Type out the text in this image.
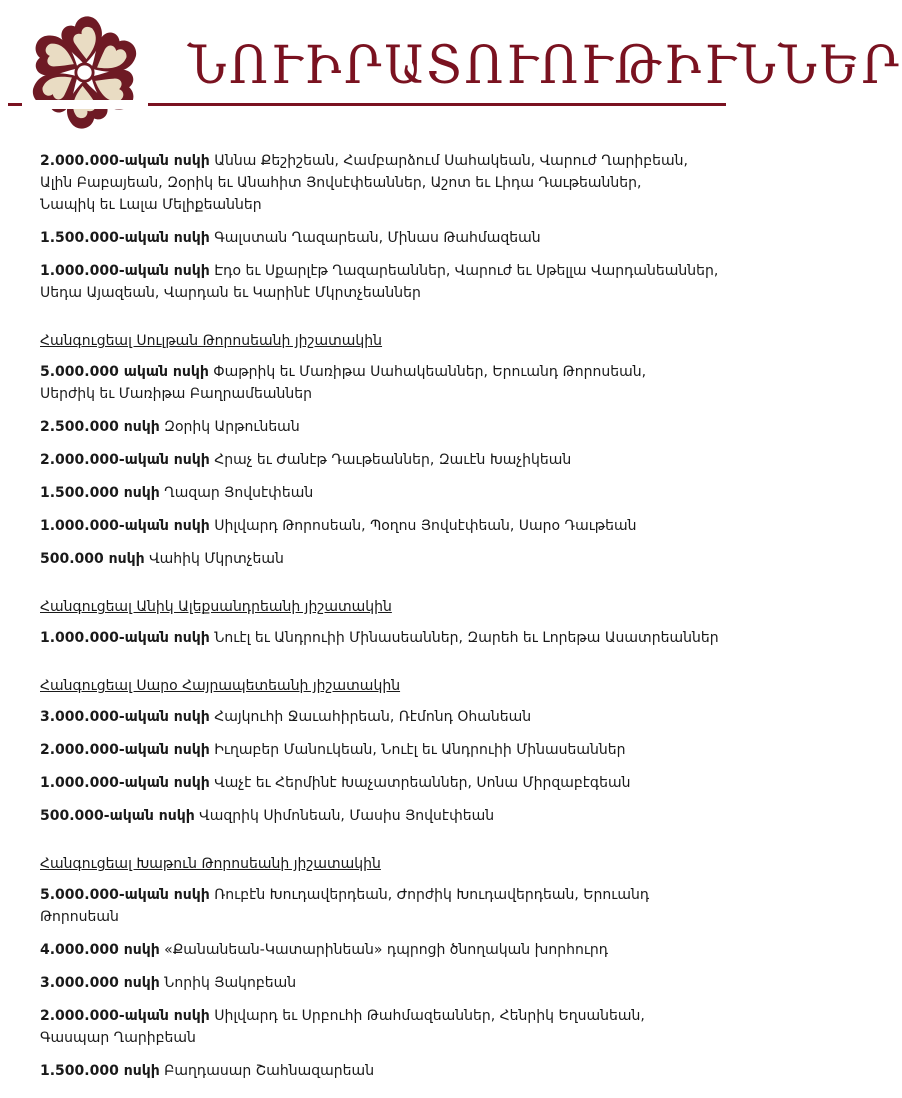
ՆՈՒԻՐԱՏՈՒՈՒԹԻՒՆՆԵՐ
2.000.000-ական ոսկի Աննա Քեշիշեան, Համբարձում Սահակեան, Վարուժ Ղարիբեան,
Ալին Բաբայեան, Զօրիկ եւ Անահիտ Յովսէփեաններ, Աշոտ եւ Լիդա Դաւթեաններ,
Նապիկ եւ Լալա Մելիքեաններ
1.500.000-ական ոսկի Գալստան Ղազարեան, Մինաս Թահմազեան
1.000.000-ական ոսկի Էդօ եւ Սքարլէթ Ղազարեաններ, Վարուժ եւ Սթելլա Վարդանեաններ,
Սեդա Այազեան, Վարդան եւ Կարինէ Մկրտչեաններ
Հանգուցեալ Սուլթան Թորոսեանի յիշատակին
5.000.000 ական ոսկի Փաթրիկ եւ Մառիթա Սահակեաններ, Երուանդ Թորոսեան,
Սերժիկ եւ Մառիթա Բաղրամեաններ
2.500.000 ոսկի Զօրիկ Արթունեան
2.000.000-ական ոսկի Հրաչ եւ Ժանէթ Դաւթեաններ, Զաւէն Խաչիկեան
1.500.000 ոսկի Ղազար Յովսէփեան
1.000.000-ական ոսկի Սիլվարդ Թորոսեան, Պօղոս Յովսէփեան, Սարօ Դաւթեան
500.000 ոսկի Վահիկ Մկրտչեան
Հանգուցեալ Անիկ Ալեքսանդրեանի յիշատակին
1.000.000-ական ոսկի Նուէլ եւ Անդրուիի Մինասեաններ, Զարեհ եւ Լորեթա Ասատրեաններ
Հանգուցեալ Սարօ Հայրապետեանի յիշատակին
3.000.000-ական ոսկի Հայկուհի Ջաւահիրեան, Ռէմոնդ Օհանեան
2.000.000-ական ոսկի Իւղաբեր Մանուկեան, Նուէլ եւ Անդրուիի Մինասեաններ
1.000.000-ական ոսկի Վաչէ եւ Հերմինէ Խաչատրեաններ, Սոնա Միրզաբէգեան
500.000-ական ոսկի Վազրիկ Սիմոնեան, Մասիս Յովսէփեան
Հանգուցեալ Խաթուն Թորոսեանի յիշատակին
5.000.000-ական ոսկի Ռուբէն Խուդավերդեան, Ժորժիկ Խուդավերդեան, Երուանդ Թորոսեան
4.000.000 ոսկի «Քանանեան-Կատարինեան» դպրոցի ծնողական խորհուրդ
3.000.000 ոսկի Նորիկ Յակոբեան
2.000.000-ական ոսկի Սիլվարդ եւ Սրբուհի Թահմազեաններ, Հենրիկ Եղսանեան,
Գասպար Ղարիբեան
1.500.000 ոսկի Բաղդասար Շահնազարեան
